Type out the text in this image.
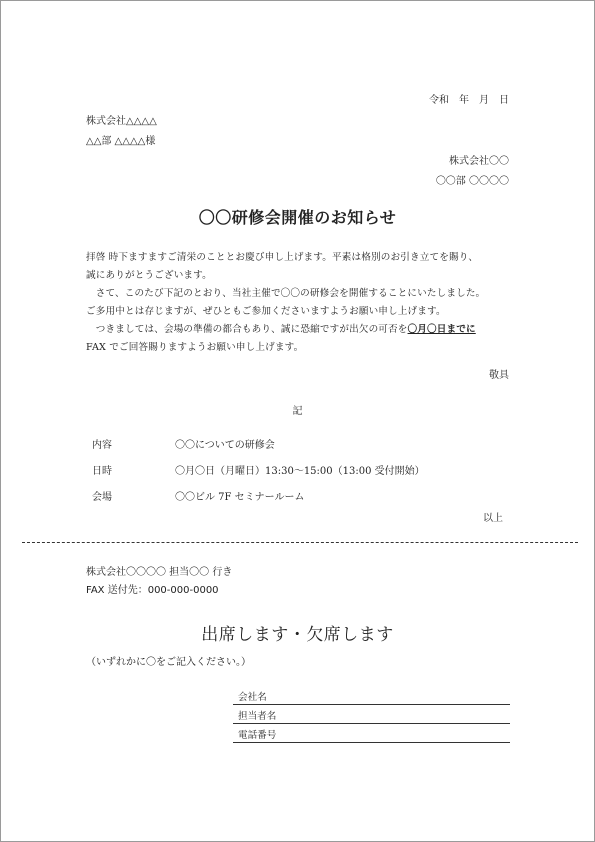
令和　年　月　日
株式会社△△△△
△△部 △△△△様
株式会社〇〇
〇〇部 〇〇〇〇
〇〇研修会開催のお知らせ
拝啓 時下ますますご清栄のこととお慶び申し上げます。平素は格別のお引き立てを賜り、
誠にありがとうございます。
　さて、このたび下記のとおり、当社主催で〇〇の研修会を開催することにいたしました。
ご多用中とは存じますが、ぜひともご参加くださいますようお願い申し上げます。
　つきましては、会場の準備の都合もあり、誠に恐縮ですが出欠の可否を〇月〇日までに
FAX でご回答賜りますようお願い申し上げます。
敬具
記
内容	〇〇についての研修会
日時	〇月〇日（月曜日）13:30～15:00（13:00 受付開始）
会場	〇〇ビル 7F セミナールーム
以上
株式会社〇〇〇〇 担当〇〇 行き
FAX 送付先：000-000-0000
出席します・欠席します
（いずれかに〇をご記入ください。）
会社名
担当者名
電話番号
